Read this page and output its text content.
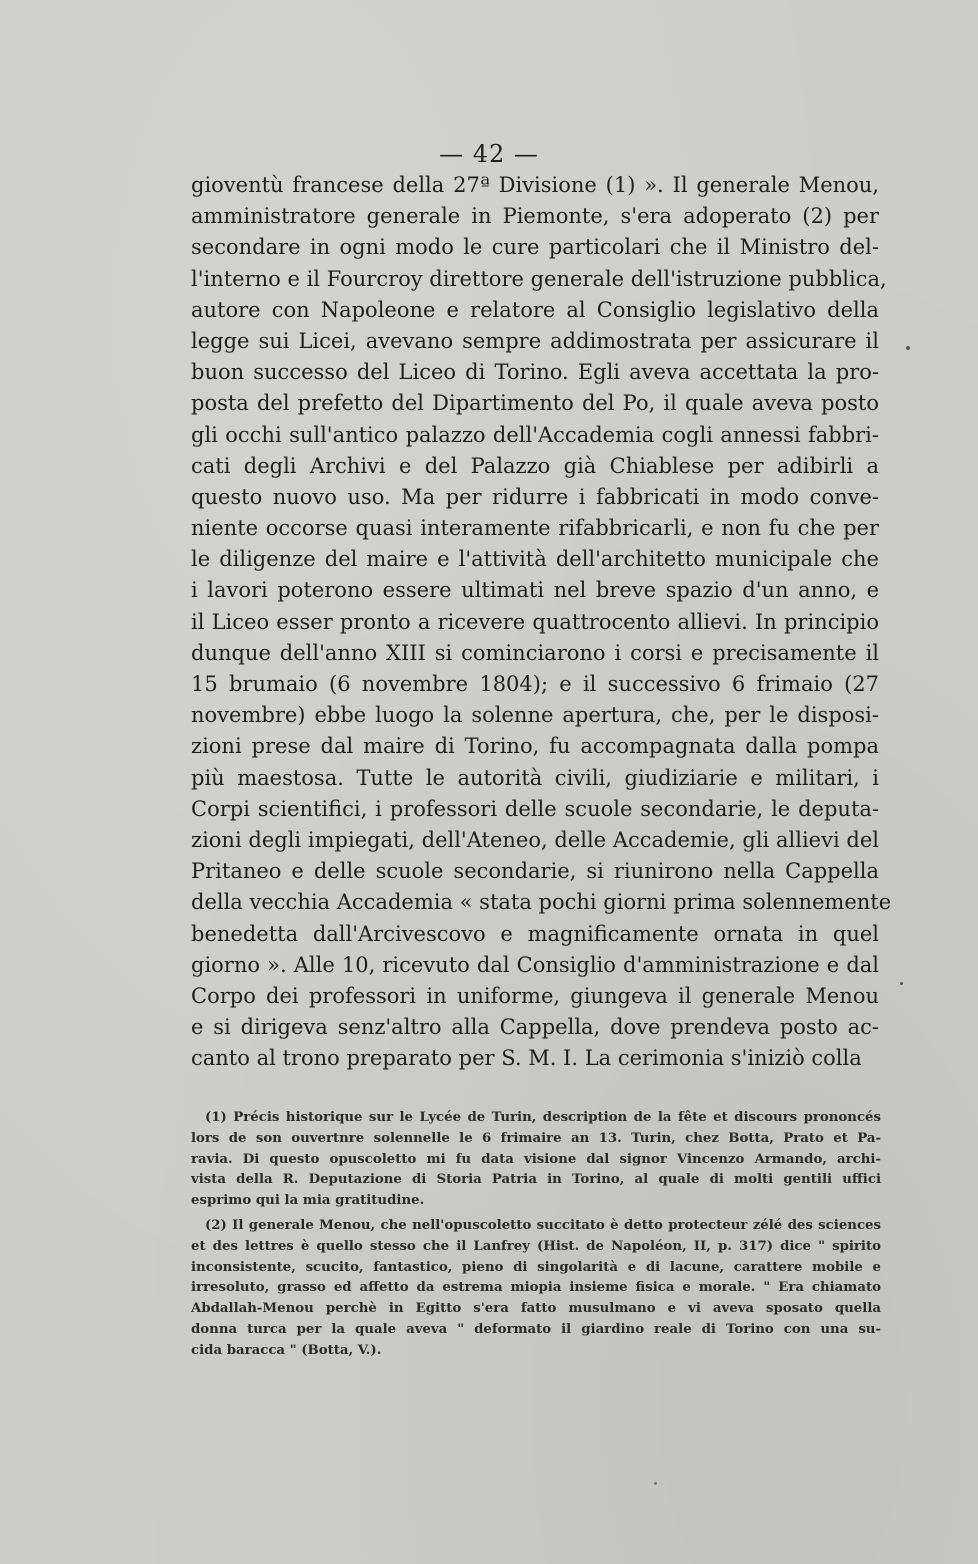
— 42 —
gioventù francese della 27ª Divisione (1) ». Il generale Menou,
amministratore generale in Piemonte, s'era adoperato (2) per
secondare in ogni modo le cure particolari che il Ministro del-
l'interno e il Fourcroy direttore generale dell'istruzione pubblica,
autore con Napoleone e relatore al Consiglio legislativo della
legge sui Licei, avevano sempre addimostrata per assicurare il
buon successo del Liceo di Torino. Egli aveva accettata la pro-
posta del prefetto del Dipartimento del Po, il quale aveva posto
gli occhi sull'antico palazzo dell'Accademia cogli annessi fabbri-
cati degli Archivi e del Palazzo già Chiablese per adibirli a
questo nuovo uso. Ma per ridurre i fabbricati in modo conve-
niente occorse quasi interamente rifabbricarli, e non fu che per
le diligenze del maire e l'attività dell'architetto municipale che
i lavori poterono essere ultimati nel breve spazio d'un anno, e
il Liceo esser pronto a ricevere quattrocento allievi. In principio
dunque dell'anno XIII si cominciarono i corsi e precisamente il
15 brumaio (6 novembre 1804); e il successivo 6 frimaio (27
novembre) ebbe luogo la solenne apertura, che, per le disposi-
zioni prese dal maire di Torino, fu accompagnata dalla pompa
più maestosa. Tutte le autorità civili, giudiziarie e militari, i
Corpi scientifici, i professori delle scuole secondarie, le deputa-
zioni degli impiegati, dell'Ateneo, delle Accademie, gli allievi del
Pritaneo e delle scuole secondarie, si riunirono nella Cappella
della vecchia Accademia « stata pochi giorni prima solennemente
benedetta dall'Arcivescovo e magnificamente ornata in quel
giorno ». Alle 10, ricevuto dal Consiglio d'amministrazione e dal
Corpo dei professori in uniforme, giungeva il generale Menou
e si dirigeva senz'altro alla Cappella, dove prendeva posto ac-
canto al trono preparato per S. M. I. La cerimonia s'iniziò colla
(1) Précis historique sur le Lycée de Turin, description de la fête et discours prononcés
lors de son ouvertnre solennelle le 6 frimaire an 13. Turin, chez Botta, Prato et Pa-
ravia. Di questo opuscoletto mi fu data visione dal signor Vincenzo Armando, archi-
vista della R. Deputazione di Storia Patria in Torino, al quale di molti gentili uffici
esprimo qui la mia gratitudine.
(2) Il generale Menou, che nell'opuscoletto succitato è detto protecteur zélé des sciences
et des lettres è quello stesso che il Lanfrey (Hist. de Napoléon, II, p. 317) dice " spirito
inconsistente, scucito, fantastico, pieno di singolarità e di lacune, carattere mobile e
irresoluto, grasso ed affetto da estrema miopia insieme fisica e morale. " Era chiamato
Abdallah-Menou perchè in Egitto s'era fatto musulmano e vi aveva sposato quella
donna turca per la quale aveva " deformato il giardino reale di Torino con una su-
cida baracca " (Botta, V.).
